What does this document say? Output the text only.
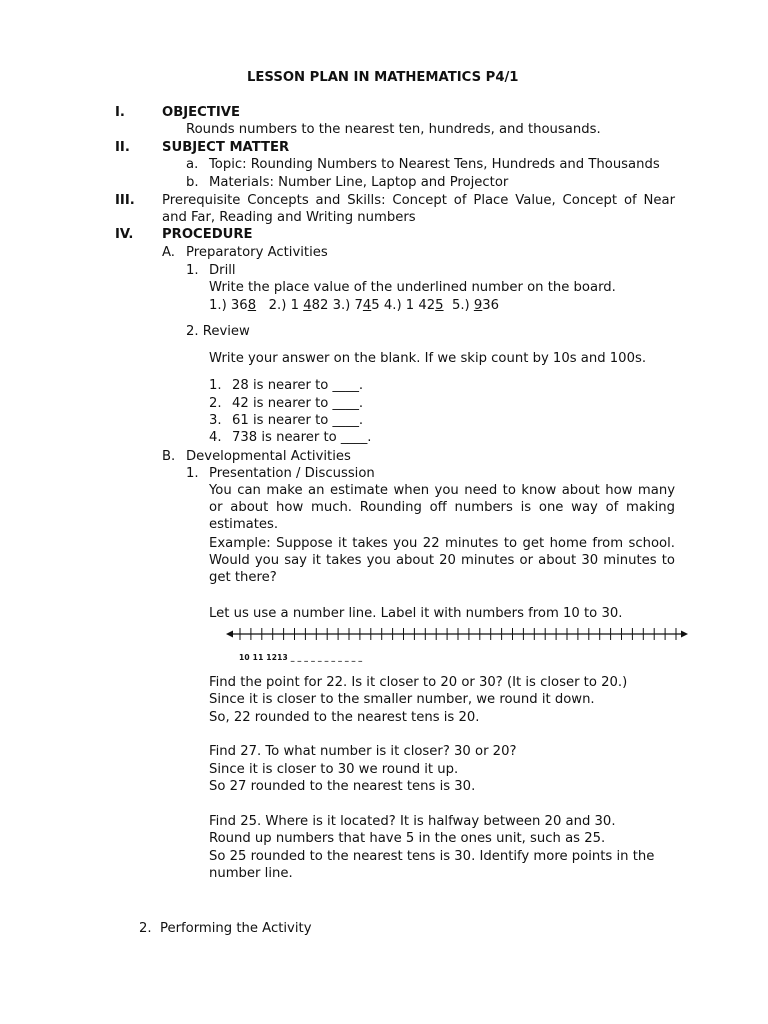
LESSON PLAN IN MATHEMATICS P4/1
I.	OBJECTIVE
Rounds numbers to the nearest ten, hundreds, and thousands.
II. SUBJECT MATTER
a. Topic: Rounding Numbers to Nearest Tens, Hundreds and Thousands
b. Materials: Number Line, Laptop and Projector
III. Prerequisite Concepts and Skills: Concept of Place Value, Concept of Near and Far, Reading and Writing numbers
IV. PROCEDURE
A. Preparatory Activities
1. Drill
Write the place value of the underlined number on the board.
1.) 368 2.) 1 482 3.) 745 4.) 1 425 5.) 936
2. Review
Write your answer on the blank. If we skip count by 10s and 100s.
1. 28 is nearer to ____.
2. 42 is nearer to ____.
3. 61 is nearer to ____.
4. 738 is nearer to ____.
B. Developmental Activities
1. Presentation / Discussion
You can make an estimate when you need to know about how many or about how much. Rounding off numbers is one way of making estimates.
Example: Suppose it takes you 22 minutes to get home from school. Would you say it takes you about 20 minutes or about 30 minutes to get there?
Let us use a number line. Label it with numbers from 10 to 30.
10 11 1213 _ _ _ _ _ _ _ _ _ _ _
Find the point for 22. Is it closer to 20 or 30? (It is closer to 20.)
Since it is closer to the smaller number, we round it down.
So, 22 rounded to the nearest tens is 20.
Find 27. To what number is it closer? 30 or 20?
Since it is closer to 30 we round it up.
So 27 rounded to the nearest tens is 30.
Find 25. Where is it located? It is halfway between 20 and 30.
Round up numbers that have 5 in the ones unit, such as 25.
So 25 rounded to the nearest tens is 30. Identify more points in the
number line.
2. Performing the Activity
